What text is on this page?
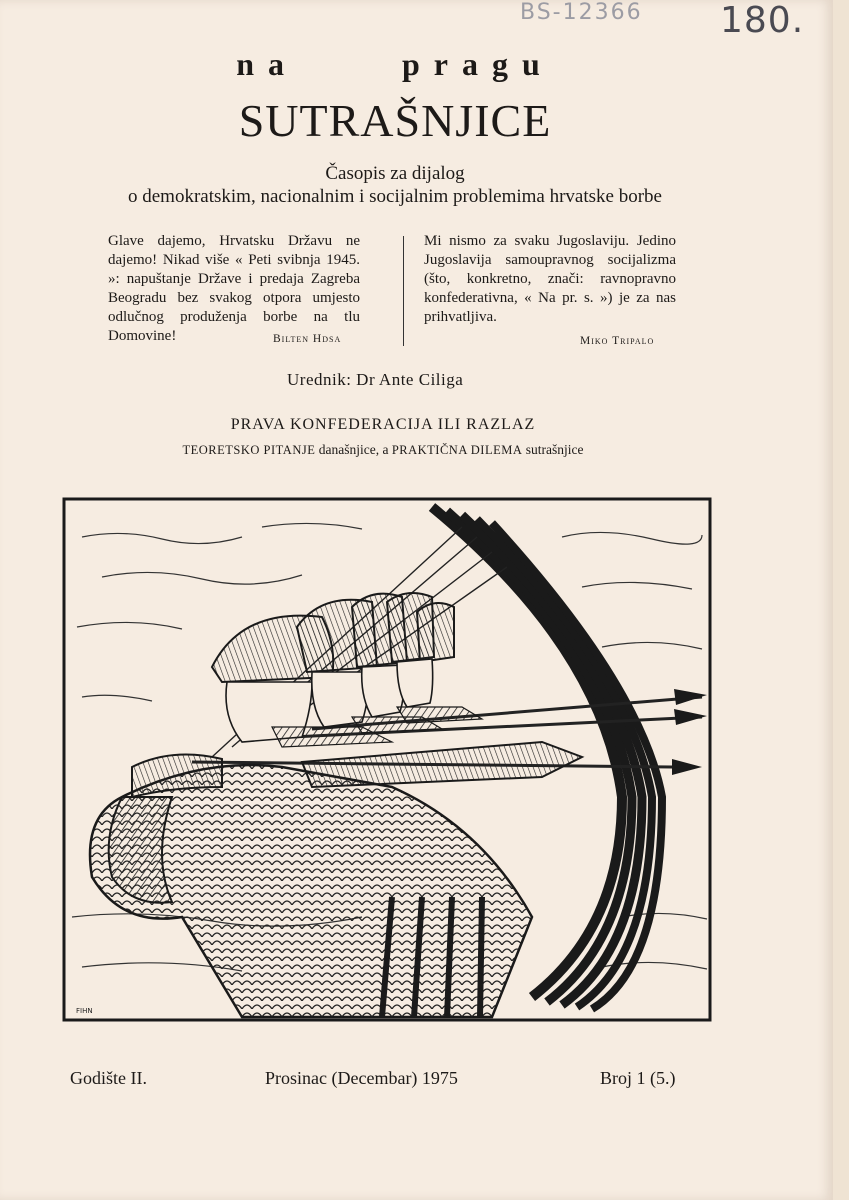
BS-12366 180.
na	pragu
SUTRAŠNJICE
Časopis za dijalog
o demokratskim, nacionalnim i socijalnim problemima hrvatske borbe
Glave dajemo, Hrvatsku Državu ne dajemo! Nikad više « Peti svibnja 1945. »: napuštanje Države i predaja Zagreba Beogradu bez svakog otpora umjesto odlučnog produženja borbe na tlu Domovine!	Bilten Hdsa
Mi nismo za svaku Jugoslaviju. Jedino Jugoslavija samoupravnog socijalizma (što, konkretno, znači: ravnopravno konfederativna, « Na pr. s. ») je za nas prihvatljiva.
Miko Tripalo
Urednik: Dr Ante Ciliga
PRAVA KONFEDERACIJA ILI RAZLAZ
TEORETSKO PITANJE današnjice, a PRAKTIČNA DILEMA sutrašnjice
FIHN
Godište II.	Prosinac (Decembar) 1975	Broj 1 (5.)
